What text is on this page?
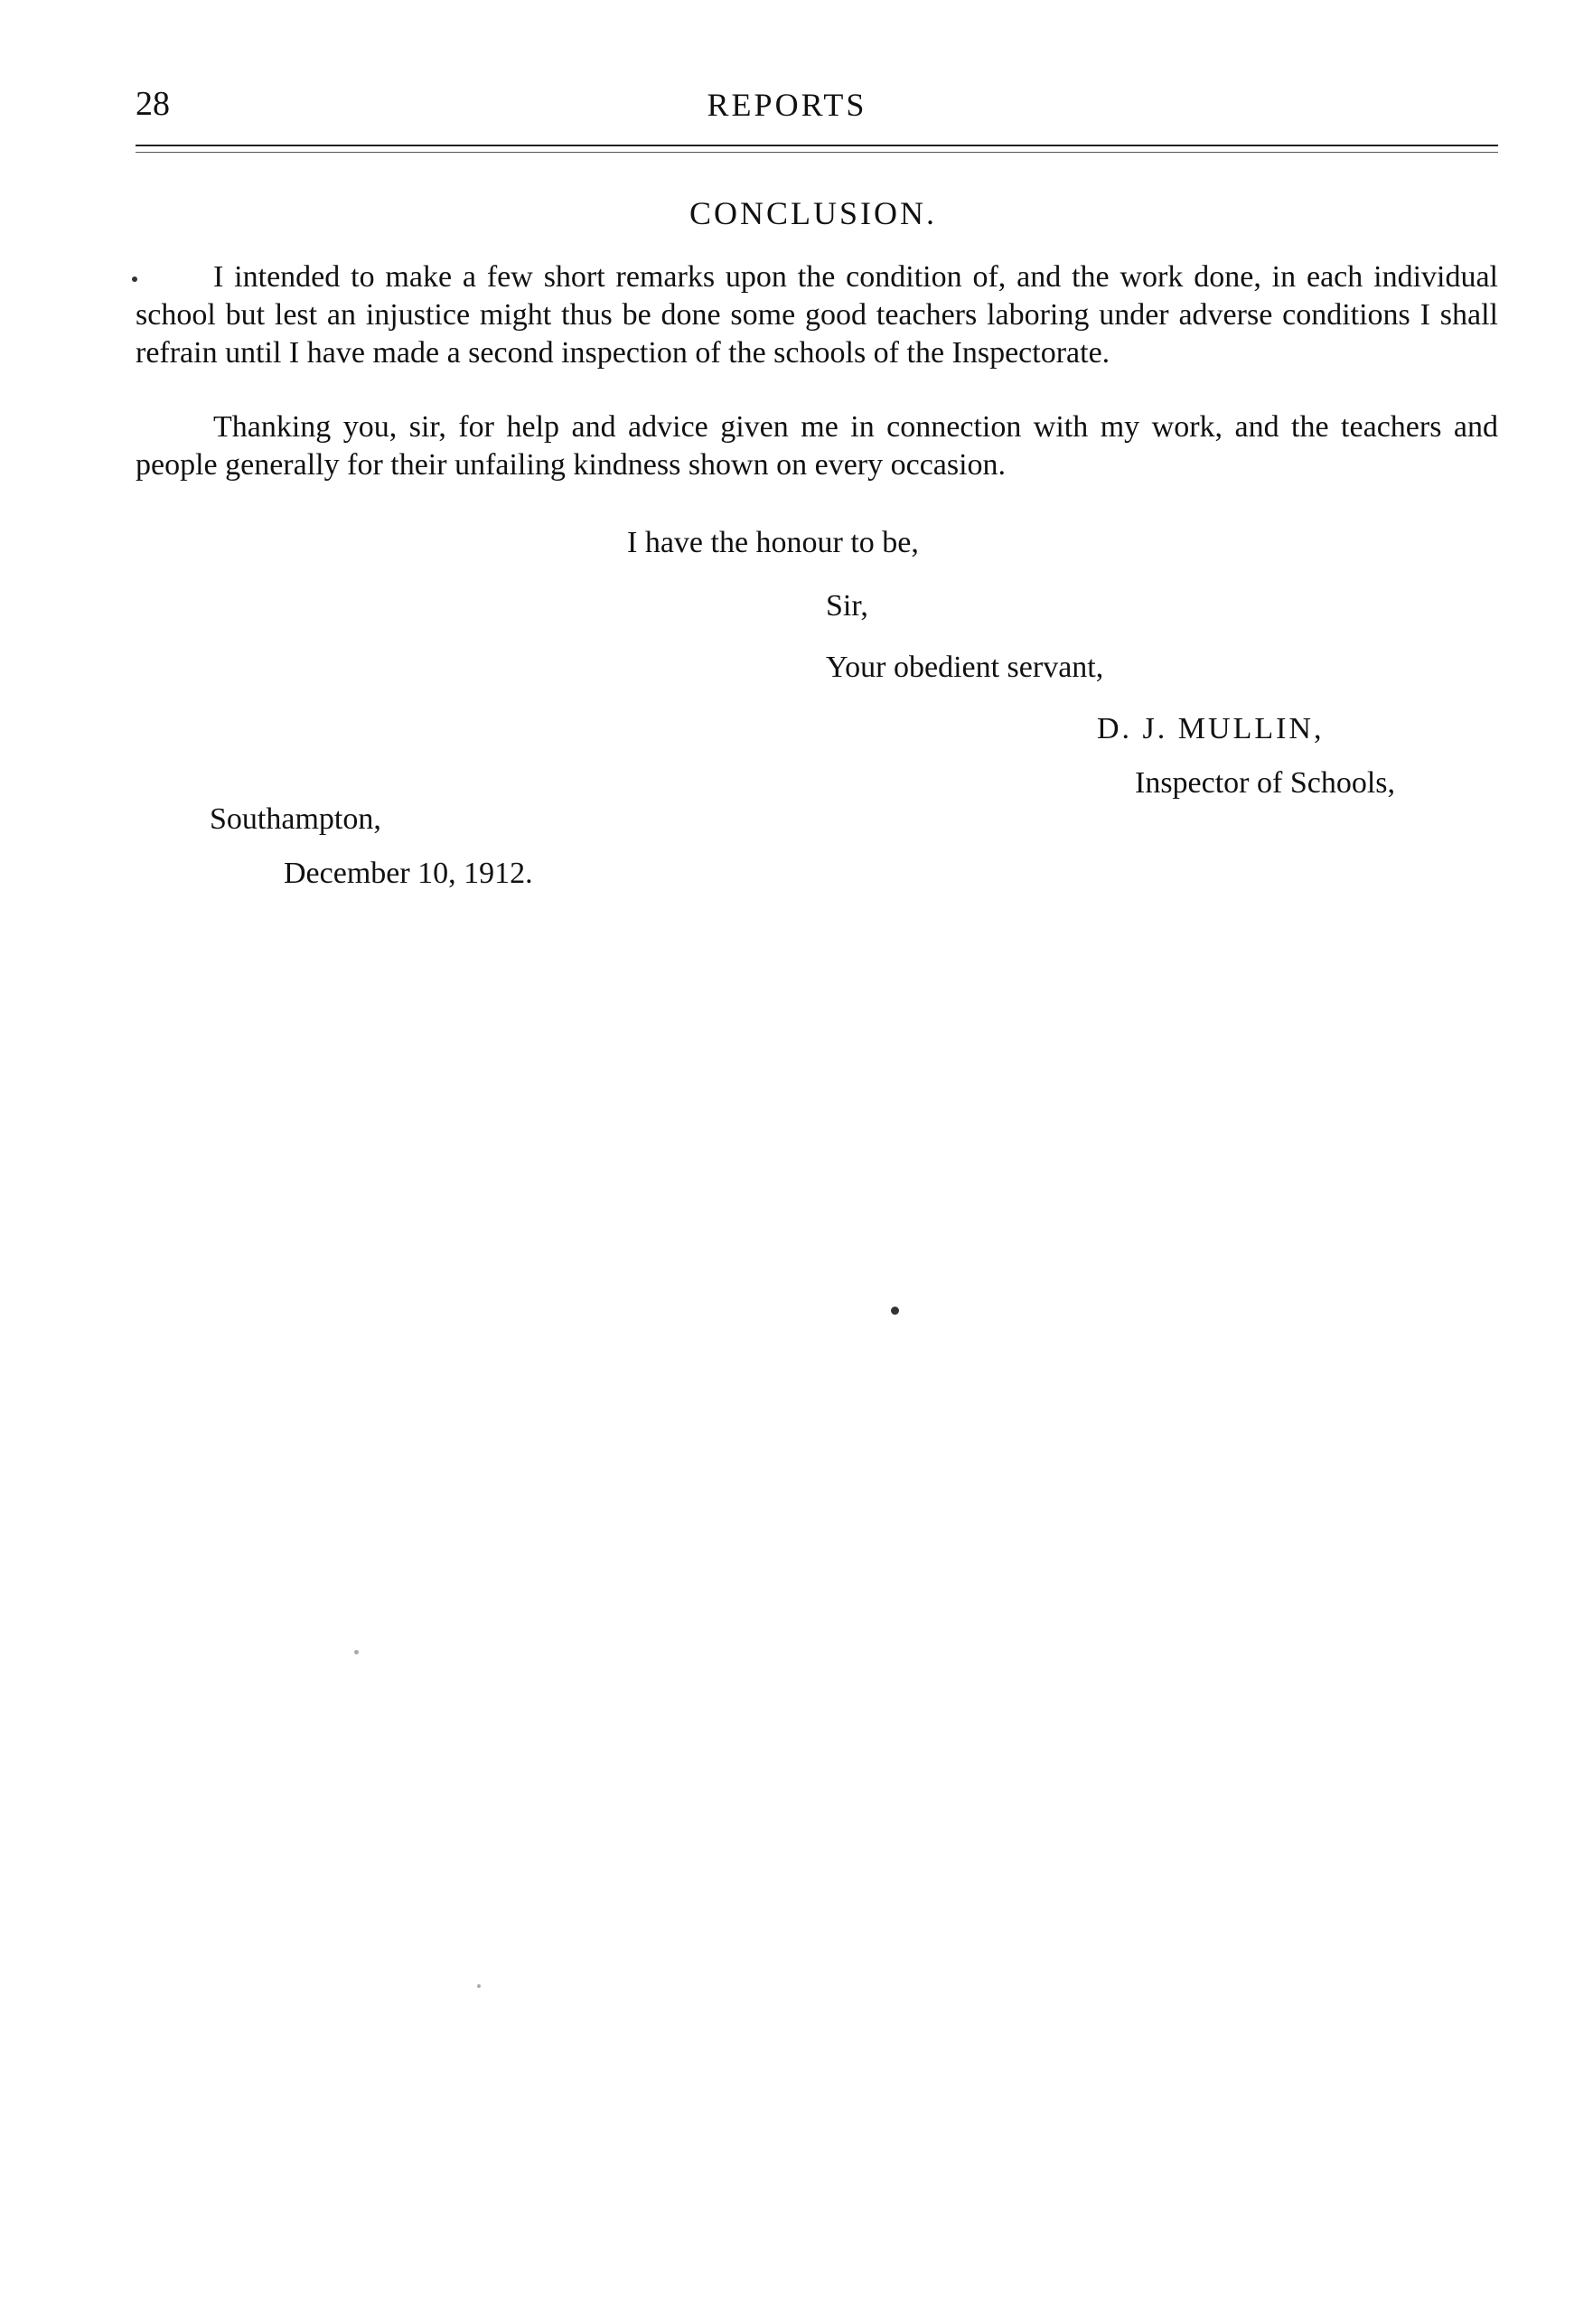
28	REPORTS
CONCLUSION.

I intended to make a few short remarks upon the condition of, and the work done, in each individual school but lest an injustice might thus be done some good teachers laboring under adverse conditions I shall refrain until I have made a second inspection of the schools of the Inspectorate.

Thanking you, sir, for help and advice given me in connection with my work, and the teachers and people generally for their unfailing kindness shown on every occasion.

I have the honour to be,
Sir,
Your obedient servant,
D. J. MULLIN,
Inspector of Schools,
Southampton,
December 10, 1912.
